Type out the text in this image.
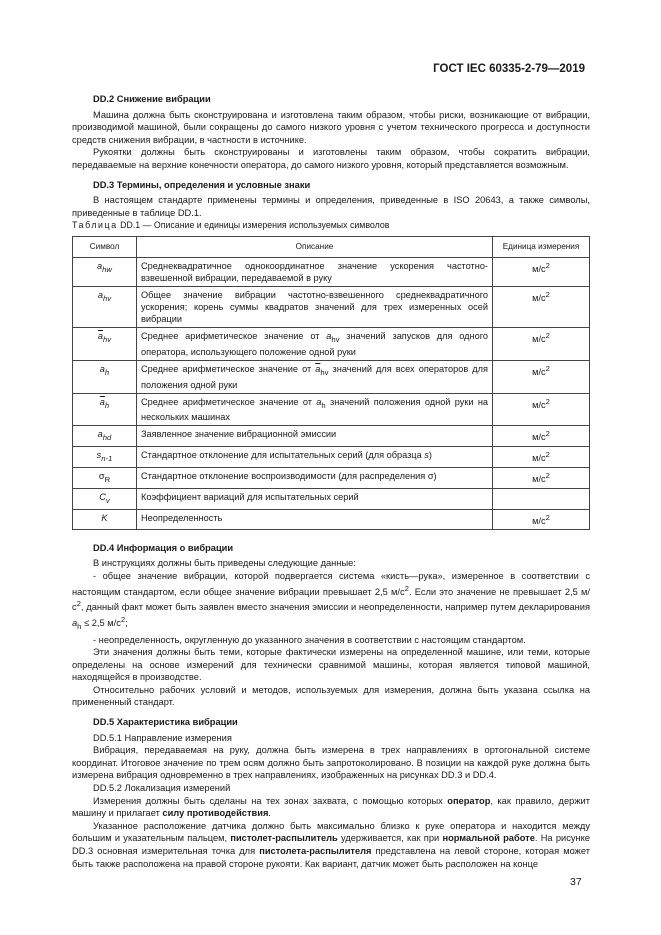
ГОСТ IEC 60335-2-79—2019

DD.2 Снижение вибрации

Машина должна быть сконструирована и изготовлена таким образом, чтобы риски, возникающие от вибрации, производимой машиной, были сокращены до самого низкого уровня с учетом технического прогресса и доступности средств снижения вибрации, в частности в источнике.

Рукоятки должны быть сконструированы и изготовлены таким образом, чтобы сократить вибрации, передаваемые на верхние конечности оператора, до самого низкого уровня, который представляется возможным.

DD.3 Термины, определения и условные знаки

В настоящем стандарте применены термины и определения, приведенные в ISO 20643, а также символы, приведенные в таблице DD.1.

Таблица DD.1 — Описание и единицы измерения используемых символов

Символ	Описание	Единица измерения
$a_{hw}$	Среднеквадратичное однокоординатное значение ускорения частотно-взвешенной вибрации, передаваемой в руку	$м/с^2$
$a_{hv}$	Общее значение вибрации частотно-взвешенного среднеквадратичного ускорения; корень суммы квадратов значений для трех измеренных осей вибрации	$м/с^2$
$\overline{a}_{hv}$	Среднее арифметическое значение от $a_{hv}$ значений запусков для одного оператора, использующего положение одной руки	$м/с^2$
$a_h$	Среднее арифметическое значение от $\overline{a}_{hv}$ значений для всех операторов для положения одной руки	$м/с^2$
$\overline{a}_h$	Среднее арифметическое значение от $a_h$ значений положения одной руки на нескольких машинах	$м/с^2$
$a_{hd}$	Заявленное значение вибрационной эмиссии	$м/с^2$
$s_{n-1}$	Стандартное отклонение для испытательных серий (для образца s)	$м/с^2$
$\sigma_R$	Стандартное отклонение воспроизводимости (для распределения σ)	$м/с^2$
$C_v$	Коэффициент вариаций для испытательных серий	
K	Неопределенность	$м/с^2$

DD.4 Информация о вибрации

В инструкциях должны быть приведены следующие данные:

- общее значение вибрации, которой подвергается система «кисть—рука», измеренное в соответствии с настоящим стандартом, если общее значение вибрации превышает 2,5 $м/с^2$. Если это значение не превышает 2,5 $м/с^2$, данный факт может быть заявлен вместо значения эмиссии и неопределенности, например путем декларирования $a_h \le 2,5$ $м/с^2$;

- неопределенность, округленную до указанного значения в соответствии с настоящим стандартом.

Эти значения должны быть теми, которые фактически измерены на определенной машине, или теми, которые определены на основе измерений для технически сравнимой машины, которая является типовой машиной, находящейся в производстве.

Относительно рабочих условий и методов, используемых для измерения, должна быть указана ссылка на примененный стандарт.

DD.5 Характеристика вибрации

DD.5.1 Направление измерения

Вибрация, передаваемая на руку, должна быть измерена в трех направлениях в ортогональной системе координат. Итоговое значение по трем осям должно быть запротоколировано. В позиции на каждой руке должна быть измерена вибрация одновременно в трех направлениях, изображенных на рисунках DD.3 и DD.4.

DD.5.2 Локализация измерений

Измерения должны быть сделаны на тех зонах захвата, с помощью которых оператор, как правило, держит машину и прилагает силу противодействия.

Указанное расположение датчика должно быть максимально близко к руке оператора и находится между большим и указательным пальцем, пистолет-распылитель удерживается, как при нормальной работе. На рисунке DD.3 основная измерительная точка для пистолета-распылителя представлена на левой стороне, которая может быть также расположена на правой стороне рукояти. Как вариант, датчик может быть расположен на конце

37
